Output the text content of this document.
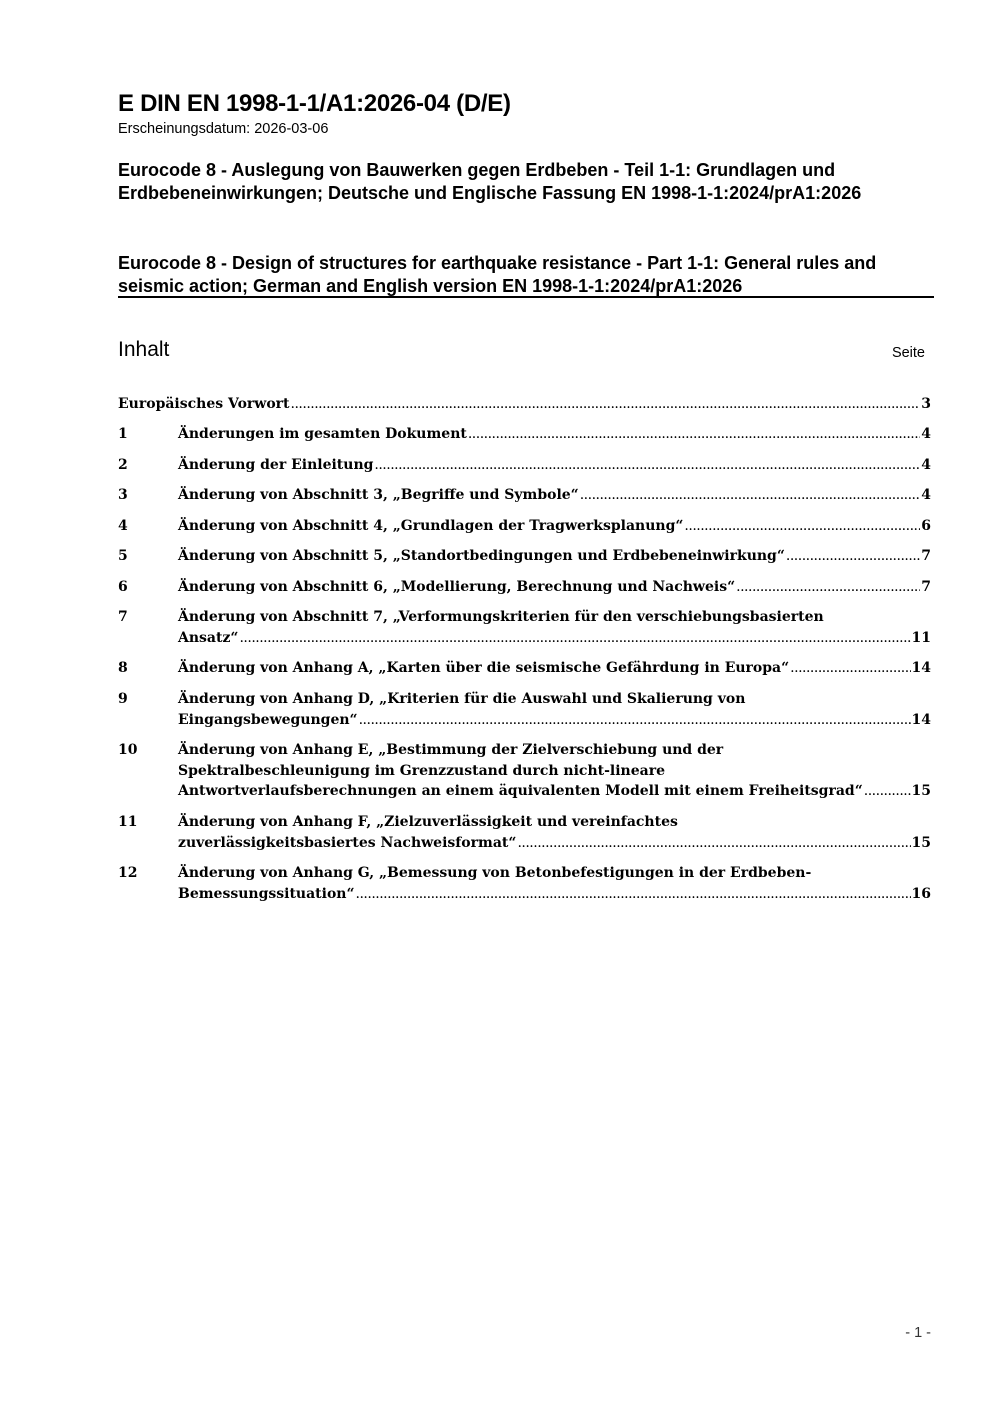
E DIN EN 1998-1-1/A1:2026-04 (D/E)
Erscheinungsdatum: 2026-03-06
Eurocode 8 - Auslegung von Bauwerken gegen Erdbeben - Teil 1-1: Grundlagen und Erdbebeneinwirkungen; Deutsche und Englische Fassung EN 1998-1-1:2024/prA1:2026
Eurocode 8 - Design of structures for earthquake resistance - Part 1-1: General rules and seismic action; German and English version EN 1998-1-1:2024/prA1:2026
Inhalt	Seite
Europäisches Vorwort .....	3
1	Änderungen im gesamten Dokument .....	4
2	Änderung der Einleitung .....	4
3	Änderung von Abschnitt 3, „Begriffe und Symbole“ .....	4
4	Änderung von Abschnitt 4, „Grundlagen der Tragwerksplanung“ .....	6
5	Änderung von Abschnitt 5, „Standortbedingungen und Erdbebeneinwirkung“ .....	7
6	Änderung von Abschnitt 6, „Modellierung, Berechnung und Nachweis“ .....	7
7	Änderung von Abschnitt 7, „Verformungskriterien für den verschiebungsbasierten
Ansatz“ .....	11
8	Änderung von Anhang A, „Karten über die seismische Gefährdung in Europa“ .....	14
9	Änderung von Anhang D, „Kriterien für die Auswahl und Skalierung von
Eingangsbewegungen“ .....	14
10	Änderung von Anhang E, „Bestimmung der Zielverschiebung und der Spektralbeschleunigung im Grenzzustand durch nicht-lineare
Antwortverlaufsberechnungen an einem äquivalenten Modell mit einem Freiheitsgrad“ .....	15
11	Änderung von Anhang F, „Zielzuverlässigkeit und vereinfachtes
zuverlässigkeitsbasiertes Nachweisformat“ .....	15
12	Änderung von Anhang G, „Bemessung von Betonbefestigungen in der Erdbeben-
Bemessungssituation“ .....	16
- 1 -
